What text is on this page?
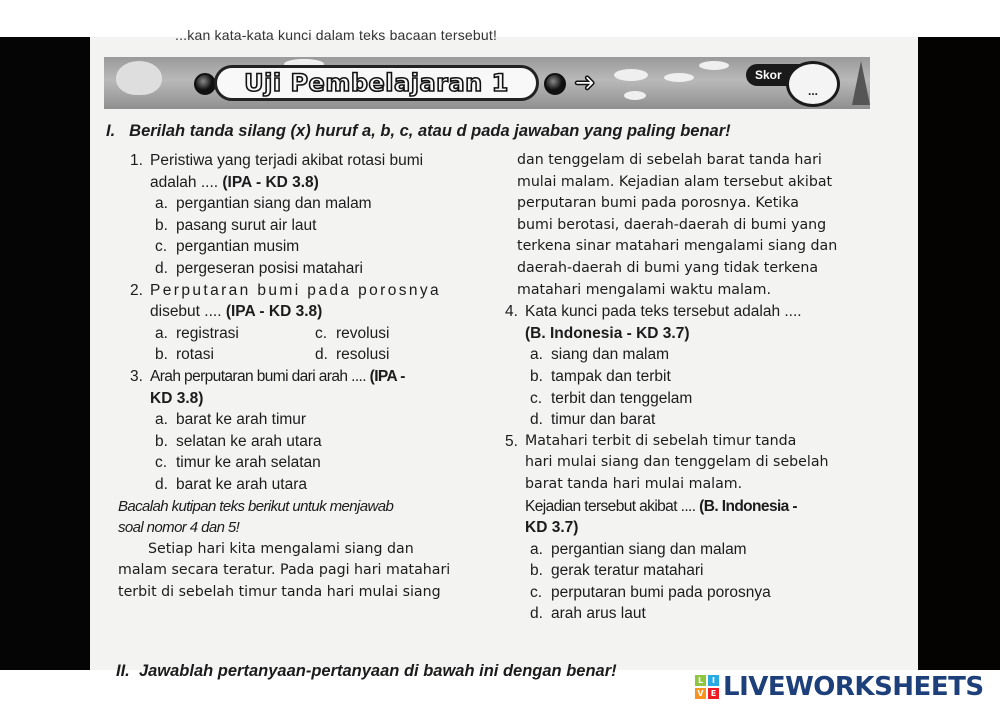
...kan kata-kata kunci dalam teks bacaan tersebut!
Uji Pembelajaran 1	➜	Skor
...
I. Berilah tanda silang (x) huruf a, b, c, atau d pada jawaban yang paling benar!
1. Peristiwa yang terjadi akibat rotasi bumi
adalah .... (IPA - KD 3.8)
a. pergantian siang dan malam
b. pasang surut air laut
c. pergantian musim
d. pergeseran posisi matahari
2. Perputaran bumi pada porosnya
disebut .... (IPA - KD 3.8)
a. registrasi	c. revolusi
b. rotasi	d. resolusi
3. Arah perputaran bumi dari arah .... (IPA -
KD 3.8)
a. barat ke arah timur
b. selatan ke arah utara
c. timur ke arah selatan
d. barat ke arah utara
Bacalah kutipan teks berikut untuk menjawab
soal nomor 4 dan 5!
Setiap hari kita mengalami siang dan
malam secara teratur. Pada pagi hari matahari
terbit di sebelah timur tanda hari mulai siang
dan tenggelam di sebelah barat tanda hari
mulai malam. Kejadian alam tersebut akibat
perputaran bumi pada porosnya. Ketika
bumi berotasi, daerah-daerah di bumi yang
terkena sinar matahari mengalami siang dan
daerah-daerah di bumi yang tidak terkena
matahari mengalami waktu malam.
4. Kata kunci pada teks tersebut adalah ....
(B. Indonesia - KD 3.7)
a. siang dan malam
b. tampak dan terbit
c. terbit dan tenggelam
d. timur dan barat
5. Matahari terbit di sebelah timur tanda
hari mulai siang dan tenggelam di sebelah
barat tanda hari mulai malam.
Kejadian tersebut akibat .... (B. Indonesia -
KD 3.7)
a. pergantian siang dan malam
b. gerak teratur matahari
c. perputaran bumi pada porosnya
d. arah arus laut
II. Jawablah pertanyaan-pertanyaan di bawah ini dengan benar!
L	I
V E LIVEWORKSHEETS
